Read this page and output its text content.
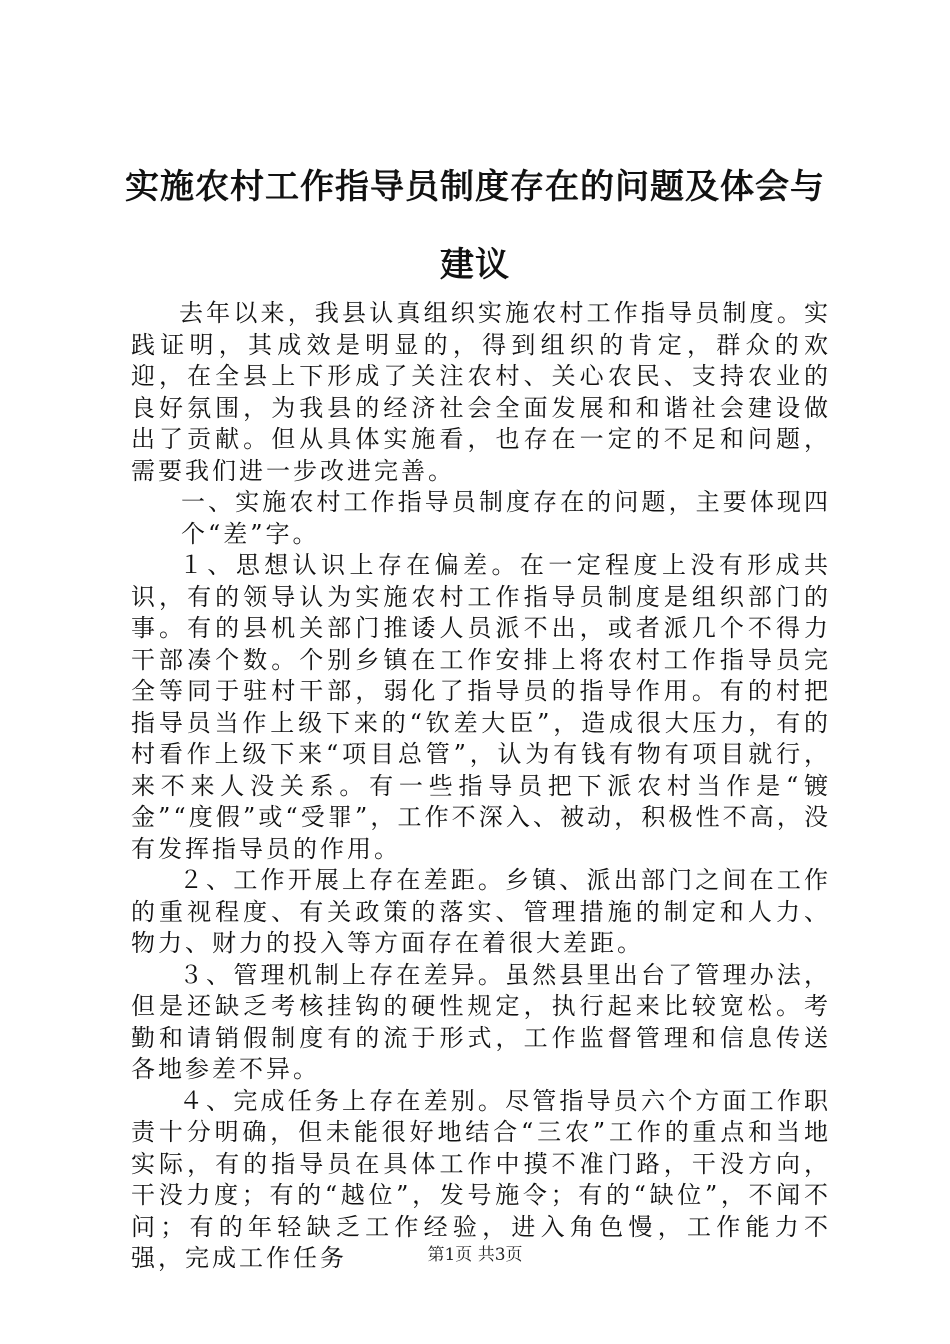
实施农村工作指导员制度存在的问题及体会与
建议

去年以来，我县认真组织实施农村工作指导员制度。实践证明，其成效是明显的，得到组织的肯定，群众的欢迎，在全县上下形成了关注农村、关心农民、支持农业的良好氛围，为我县的经济社会全面发展和和谐社会建设做出了贡献。但从具体实施看，也存在一定的不足和问题，需要我们进一步改进完善。

一、实施农村工作指导员制度存在的问题，主要体现四个“差”字。

１、思想认识上存在偏差。在一定程度上没有形成共识，有的领导认为实施农村工作指导员制度是组织部门的事。有的县机关部门推诿人员派不出，或者派几个不得力干部凑个数。个别乡镇在工作安排上将农村工作指导员完全等同于驻村干部，弱化了指导员的指导作用。有的村把指导员当作上级下来的“钦差大臣”，造成很大压力，有的村看作上级下来“项目总管”，认为有钱有物有项目就行，来不来人没关系。有一些指导员把下派农村当作是“镀金”“度假”或“受罪”，工作不深入、被动，积极性不高，没有发挥指导员的作用。

２、工作开展上存在差距。乡镇、派出部门之间在工作的重视程度、有关政策的落实、管理措施的制定和人力、物力、财力的投入等方面存在着很大差距。

３、管理机制上存在差异。虽然县里出台了管理办法，但是还缺乏考核挂钩的硬性规定，执行起来比较宽松。考勤和请销假制度有的流于形式，工作监督管理和信息传送各地参差不异。

４、完成任务上存在差别。尽管指导员六个方面工作职责十分明确，但未能很好地结合“三农”工作的重点和当地实际，有的指导员在具体工作中摸不准门路，干没方向，干没力度；有的“越位”，发号施令；有的“缺位”，不闻不问；有的年轻缺乏工作经验，进入角色慢，工作能力不强，完成工作任务	第1页 共3页
